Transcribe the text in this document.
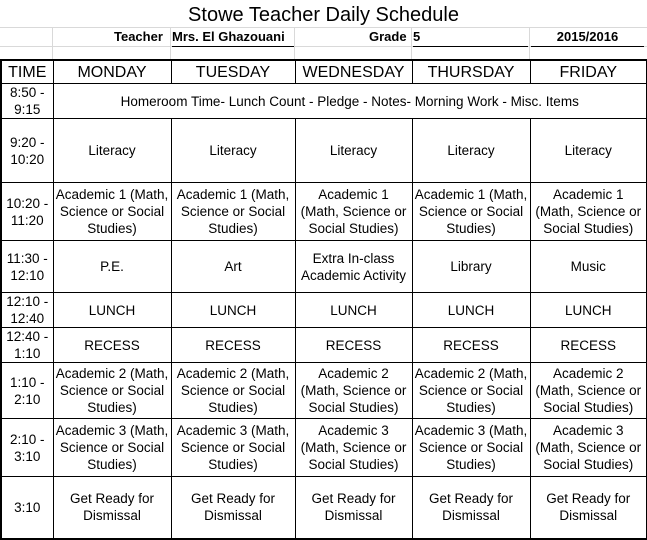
Stowe Teacher Daily Schedule
Teacher Mrs. El Ghazouani	Grade 5	2015/2016
TIME	MONDAY	TUESDAY	WEDNESDAY	THURSDAY	FRIDAY
8:50 - 9:15	Homeroom Time- Lunch Count - Pledge - Notes- Morning Work - Misc. Items				
9:20 - 10:20	Literacy	Literacy	Literacy	Literacy	Literacy
10:20 - 11:20	Academic 1 (Math, Science or Social Studies)	Academic 1 (Math, Science or Social Studies)	Academic 1 (Math, Science or Social Studies)	Academic 1 (Math, Science or Social Studies)	Academic 1 (Math, Science or Social Studies)
11:30 - 12:10	P.E.	Art	Extra In-class Academic Activity	Library	Music
12:10 - 12:40	LUNCH	LUNCH	LUNCH	LUNCH	LUNCH
12:40 - 1:10	RECESS	RECESS	RECESS	RECESS	RECESS
1:10 - 2:10	Academic 2 (Math, Science or Social Studies)	Academic 2 (Math, Science or Social Studies)	Academic 2 (Math, Science or Social Studies)	Academic 2 (Math, Science or Social Studies)	Academic 2 (Math, Science or Social Studies)
2:10 - 3:10	Academic 3 (Math, Science or Social Studies)	Academic 3 (Math, Science or Social Studies)	Academic 3 (Math, Science or Social Studies)	Academic 3 (Math, Science or Social Studies)	Academic 3 (Math, Science or Social Studies)
3:10	Get Ready for Dismissal	Get Ready for Dismissal	Get Ready for Dismissal	Get Ready for Dismissal	Get Ready for Dismissal
